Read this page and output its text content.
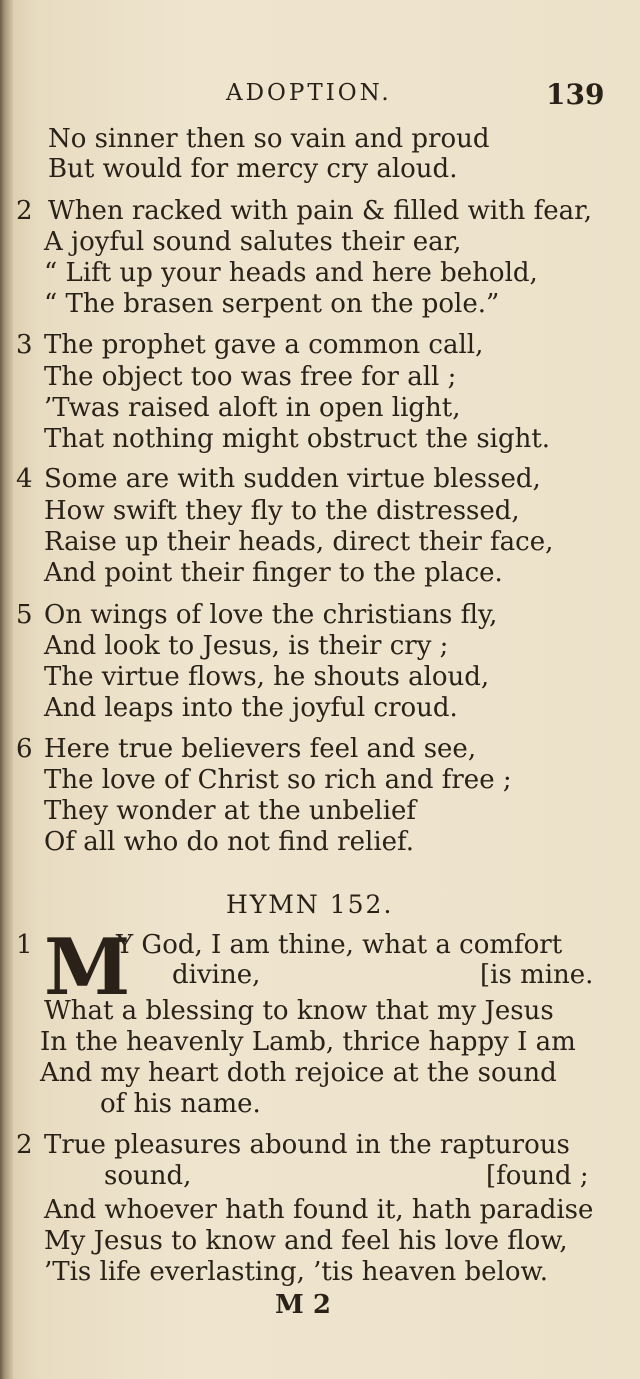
ADOPTION.	139
No sinner then so vain and proud
But would for mercy cry aloud.
2 When racked with pain & filled with fear,
A joyful sound salutes their ear,
“ Lift up your heads and here behold,
“ The brasen serpent on the pole.”
3 The prophet gave a common call,
The object too was free for all ;
’Twas raised aloft in open light,
That nothing might obstruct the sight.
4 Some are with sudden virtue blessed,
How swift they fly to the distressed,
Raise up their heads, direct their face,
And point their finger to the place.
5 On wings of love the christians fly,
And look to Jesus, is their cry ;
The virtue flows, he shouts aloud,
And leaps into the joyful croud.
6 Here true believers feel and see,
The love of Christ so rich and free ;
They wonder at the unbelief
Of all who do not find relief.
HYMN 152.
1 M
Y God, I am thine, what a comfort
divine,	[is mine.
What a blessing to know that my Jesus
In the heavenly Lamb, thrice happy I am
And my heart doth rejoice at the sound
of his name.
2 True pleasures abound in the rapturous
sound,	[found ;
And whoever hath found it, hath paradise
My Jesus to know and feel his love flow,
’Tis life everlasting, ’tis heaven below.
M 2
